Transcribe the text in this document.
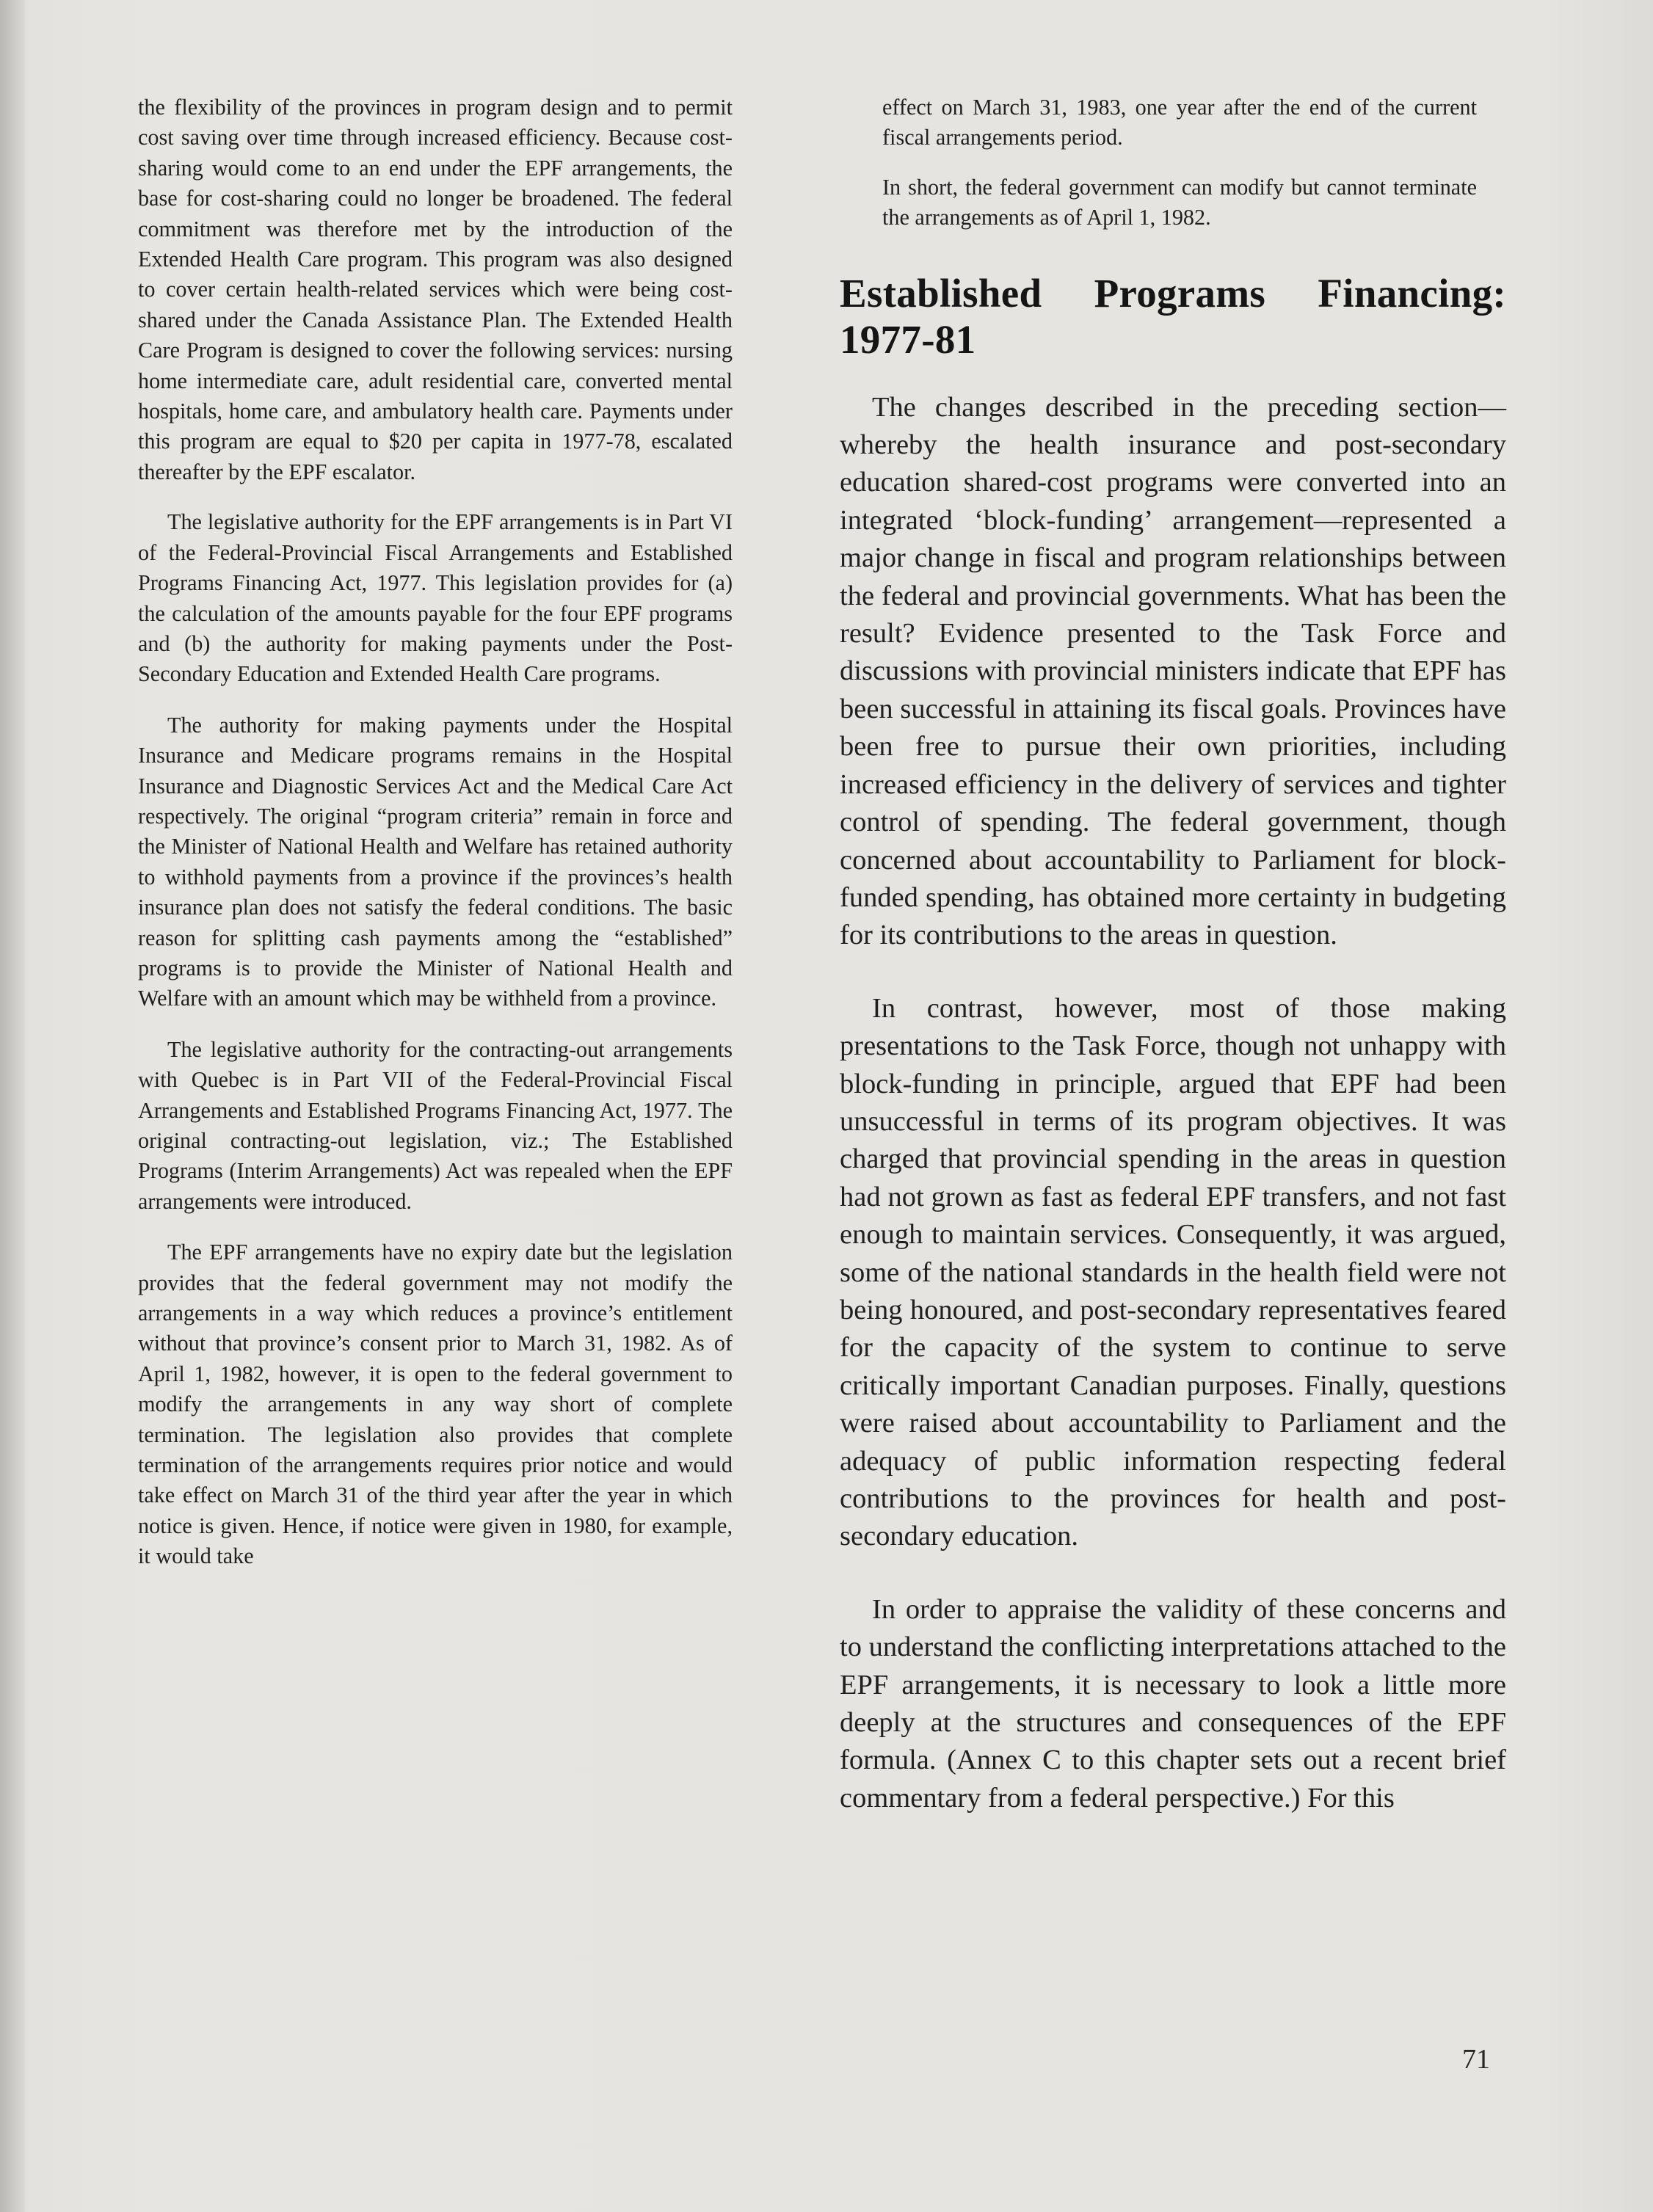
the flexibility of the provinces in program design and to permit cost saving over time through increased efficiency. Because cost-sharing would come to an end under the EPF arrangements, the base for cost-sharing could no longer be broadened. The federal commitment was therefore met by the introduction of the Extended Health Care program. This program was also designed to cover certain health-related services which were being cost-shared under the Canada Assistance Plan. The Extended Health Care Program is designed to cover the following services: nursing home intermediate care, adult residential care, converted mental hospitals, home care, and ambulatory health care. Payments under this program are equal to $20 per capita in 1977-78, escalated thereafter by the EPF escalator.

The legislative authority for the EPF arrangements is in Part VI of the Federal-Provincial Fiscal Arrangements and Established Programs Financing Act, 1977. This legislation provides for (a) the calculation of the amounts payable for the four EPF programs and (b) the authority for making payments under the Post-Secondary Education and Extended Health Care programs.

The authority for making payments under the Hospital Insurance and Medicare programs remains in the Hospital Insurance and Diagnostic Services Act and the Medical Care Act respectively. The original “program criteria” remain in force and the Minister of National Health and Welfare has retained authority to withhold payments from a province if the provinces’s health insurance plan does not satisfy the federal conditions. The basic reason for splitting cash payments among the “established” programs is to provide the Minister of National Health and Welfare with an amount which may be withheld from a province.

The legislative authority for the contracting-out arrangements with Quebec is in Part VII of the Federal-Provincial Fiscal Arrangements and Established Programs Financing Act, 1977. The original contracting-out legislation, viz.; The Established Programs (Interim Arrangements) Act was repealed when the EPF arrangements were introduced.

The EPF arrangements have no expiry date but the legislation provides that the federal government may not modify the arrangements in a way which reduces a province’s entitlement without that province’s consent prior to March 31, 1982. As of April 1, 1982, however, it is open to the federal government to modify the arrangements in any way short of complete termination. The legislation also provides that complete termination of the arrangements requires prior notice and would take effect on March 31 of the third year after the year in which notice is given. Hence, if notice were given in 1980, for example, it would take

effect on March 31, 1983, one year after the end of the current fiscal arrangements period.

In short, the federal government can modify but cannot terminate the arrangements as of April 1, 1982.

Established Programs Financing: 1977-81

The changes described in the preceding section—whereby the health insurance and post-secondary education shared-cost programs were converted into an integrated ‘block-funding’ arrangement—represented a major change in fiscal and program relationships between the federal and provincial governments. What has been the result? Evidence presented to the Task Force and discussions with provincial ministers indicate that EPF has been successful in attaining its fiscal goals. Provinces have been free to pursue their own priorities, including increased efficiency in the delivery of services and tighter control of spending. The federal government, though concerned about accountability to Parliament for block-funded spending, has obtained more certainty in budgeting for its contributions to the areas in question.

In contrast, however, most of those making presentations to the Task Force, though not unhappy with block-funding in principle, argued that EPF had been unsuccessful in terms of its program objectives. It was charged that provincial spending in the areas in question had not grown as fast as federal EPF transfers, and not fast enough to maintain services. Consequently, it was argued, some of the national standards in the health field were not being honoured, and post-secondary representatives feared for the capacity of the system to continue to serve critically important Canadian purposes. Finally, questions were raised about accountability to Parliament and the adequacy of public information respecting federal contributions to the provinces for health and post-secondary education.

In order to appraise the validity of these concerns and to understand the conflicting interpretations attached to the EPF arrangements, it is necessary to look a little more deeply at the structures and consequences of the EPF formula. (Annex C to this chapter sets out a recent brief commentary from a federal perspective.) For this

71
